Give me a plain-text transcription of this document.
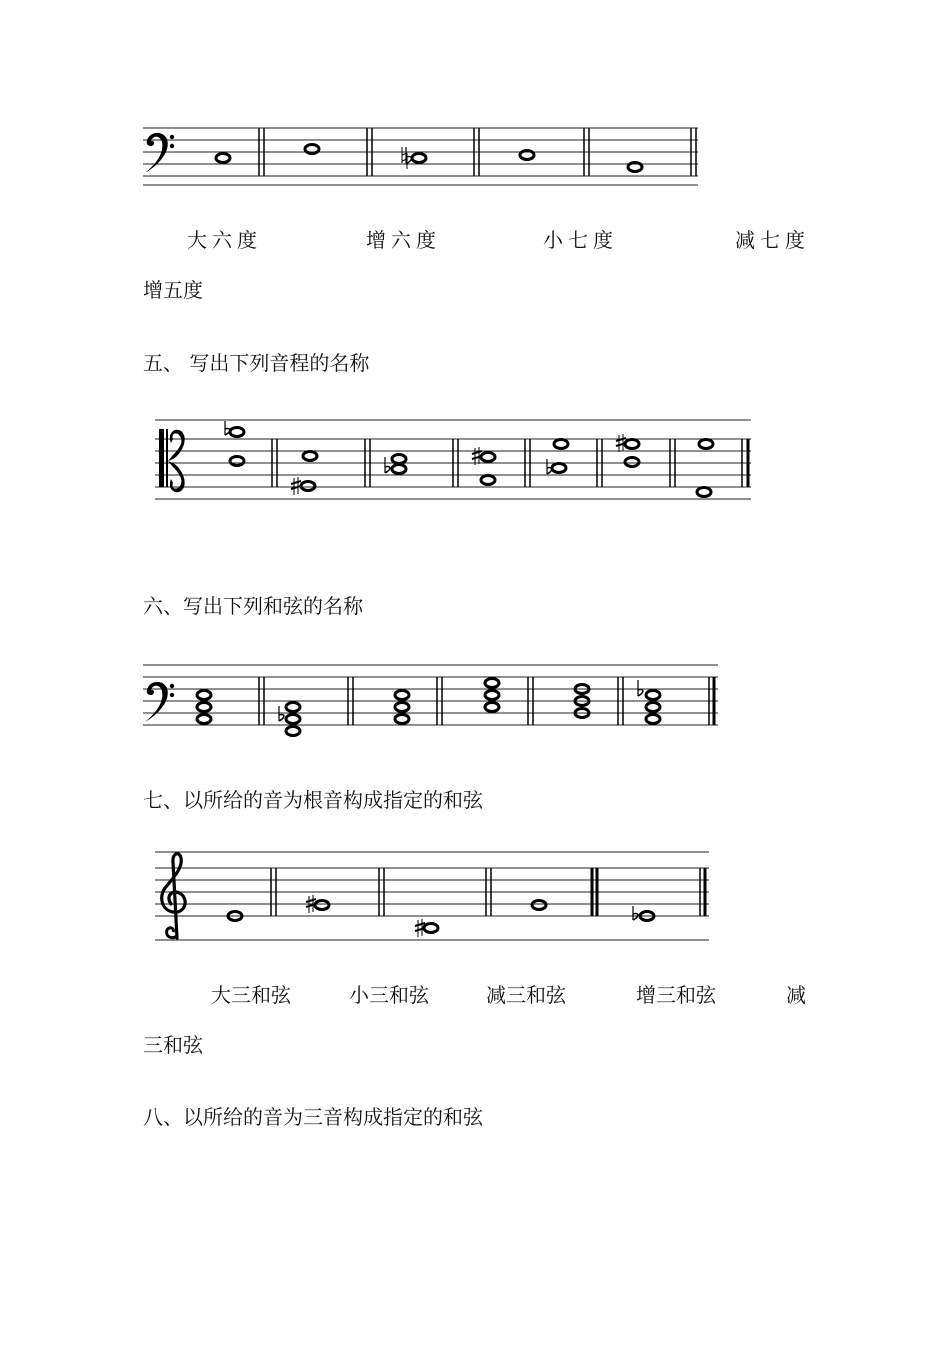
大六度	增六度	小七度	减七度
增五度
五、 写出下列音程的名称
六、写出下列和弦的名称
七、以所给的音为根音构成指定的和弦
大三和弦	小三和弦	减三和弦	增三和弦	减
三和弦
八、以所给的音为三音构成指定的和弦
